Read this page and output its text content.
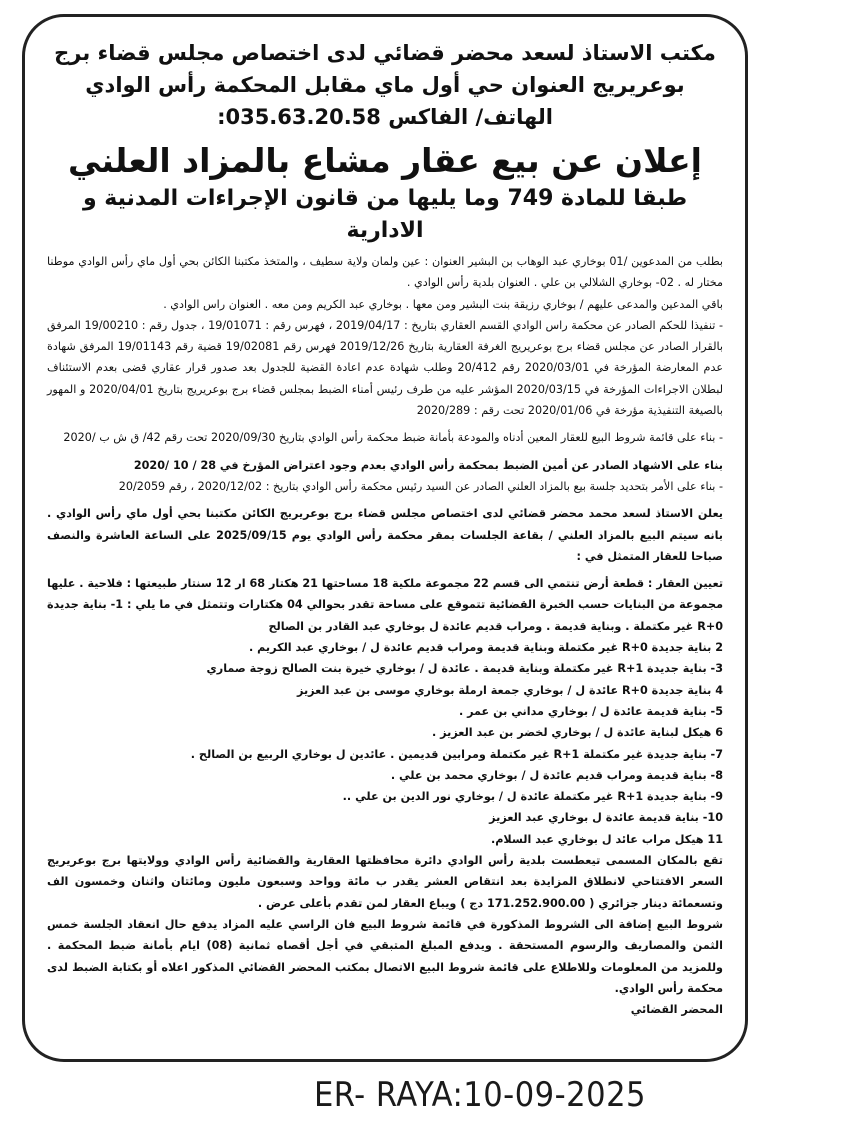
مكتب الاستاذ لسعد محضر قضائي لدى اختصاص مجلس قضاء برج

بوعريريج العنوان حي أول ماي مقابل المحكمة رأس الوادي

الهاتف/ الفاكس 035.63.20.58:

إعلان عن بيع عقار مشاع بالمزاد العلني

طبقا للمادة 749 وما يليها من قانون الإجراءات المدنية و الادارية

بطلب من المدعوين /01 بوخاري عبد الوهاب بن البشير العنوان : عين ولمان ولاية سطيف ، والمتخذ مكتبنا الكائن بحي أول ماي رأس الوادي موطنا مختار له . 02- بوخاري الشلالي بن علي . العنوان بلدية رأس الوادي .

باقي المدعين والمدعى عليهم / بوخاري رزيقة بنت البشير ومن معها . بوخاري عبد الكريم ومن معه . العنوان راس الوادي .

- تنفيذا للحكم الصادر عن محكمة راس الوادي القسم العقاري بتاريخ : 2019/04/17 ، فهرس رقم : 19/01071 ، جدول رقم : 19/00210 المرفق بالقرار الصادر عن مجلس قضاء برج بوعريريج الغرفة العقارية بتاريخ 2019/12/26 فهرس رقم 19/02081 قضية رقم 19/01143 المرفق شهادة عدم المعارضة المؤرخة في 2020/03/01 رقم 20/412 وطلب شهادة عدم اعادة القضية للجدول بعد صدور قرار عقاري قضى بعدم الاستئناف لبطلان الاجراءات المؤرخة في 2020/03/15 المؤشر عليه من طرف رئيس أمناء الضبط بمجلس قضاء برج بوعريريج بتاريخ 2020/04/01 و المهور بالصيغة التنفيذية مؤرخة في 2020/01/06 تحت رقم : 2020/289

- بناء على قائمة شروط البيع للعقار المعين أدناه والمودعة بأمانة ضبط محكمة رأس الوادي بتاريخ 2020/09/30 تحت رقم 42/ ق ش ب /2020

بناء على الاشهاد الصادر عن أمين الضبط بمحكمة رأس الوادي بعدم وجود اعتراض المؤرخ في 28 / 10 /2020

- بناء على الأمر بتحديد جلسة بيع بالمزاد العلني الصادر عن السيد رئيس محكمة رأس الوادي بتاريخ : 2020/12/02 ، رقم 20/2059

يعلن الاستاذ لسعد محمد محضر قضائي لدى اختصاص مجلس قضاء برج بوعريريج الكائن مكتبنا بحي أول ماي رأس الوادي . بانه سيتم البيع بالمزاد العلني / بقاعة الجلسات بمقر محكمة رأس الوادي يوم 2025/09/15 على الساعة العاشرة والنصف صباحا للعقار المتمثل في :

تعيين العقار : قطعة أرض تنتمي الى قسم 22 مجموعة ملكية 18 مساحتها 21 هكتار 68 ار 12 سنتار طبيعتها : فلاحية . عليها مجموعة من البنايات حسب الخبرة القضائية تتموقع على مساحة تقدر بحوالي 04 هكتارات وتتمثل في ما يلي : 1- بناية جديدة R+0 غير مكتملة . وبناية قديمة . ومراب قديم عائدة ل بوخاري عبد القادر بن الصالح

2 بناية جديدة R+0 غير مكتملة وبناية قديمة ومراب قديم عائدة ل / بوخاري عبد الكريم .

3- بناية جديدة R+1 غير مكتملة وبناية قديمة . عائدة ل / بوخاري خيرة بنت الصالح زوجة صماري

4 بناية جديدة R+0 عائدة ل / بوخاري جمعة ارملة بوخاري موسى بن عبد العزيز

5- بناية قديمة عائدة ل / بوخاري مداني بن عمر .

6 هيكل لبناية عائدة ل / بوخاري لخضر بن عبد العزيز .

7- بناية جديدة غير مكتملة R+1 غير مكتملة ومرابين قديمين . عائدين ل بوخاري الربيع بن الصالح .

8- بناية قديمة ومراب قديم عائدة ل / بوخاري محمد بن علي .

9- بناية جديدة R+1 غير مكتملة عائدة ل / بوخاري نور الدين بن علي ..

10- بناية قديمة عائدة ل بوخاري عبد العزيز

11 هيكل مراب عائد ل بوخاري عبد السلام.

تقع بالمكان المسمى تيعطست بلدية رأس الوادي دائرة محافظتها العقارية والقضائية رأس الوادي وولايتها برج بوعريريج السعر الافتتاحي لانطلاق المزايدة بعد انتقاص العشر يقدر ب مائة وواحد وسبعون مليون ومائتان واثنان وخمسون الف وتسعمائة دينار جزائري ( 171.252.900.00 دج ) ويباع العقار لمن تقدم بأعلى عرض .

شروط البيع إضافة الى الشروط المذكورة في قائمة شروط البيع فان الراسي عليه المزاد يدفع حال انعقاد الجلسة خمس الثمن والمصاريف والرسوم المستحقة . ويدفع المبلغ المتبقي في أجل أقصاه ثمانية (08) ايام بأمانة ضبط المحكمة . وللمزيد من المعلومات وللاطلاع على قائمة شروط البيع الاتصال بمكتب المحضر القضائي المذكور اعلاه أو بكتابة الضبط لدى محكمة رأس الوادي.

المحضر القضائي

ER- RAYA:10-09-2025
